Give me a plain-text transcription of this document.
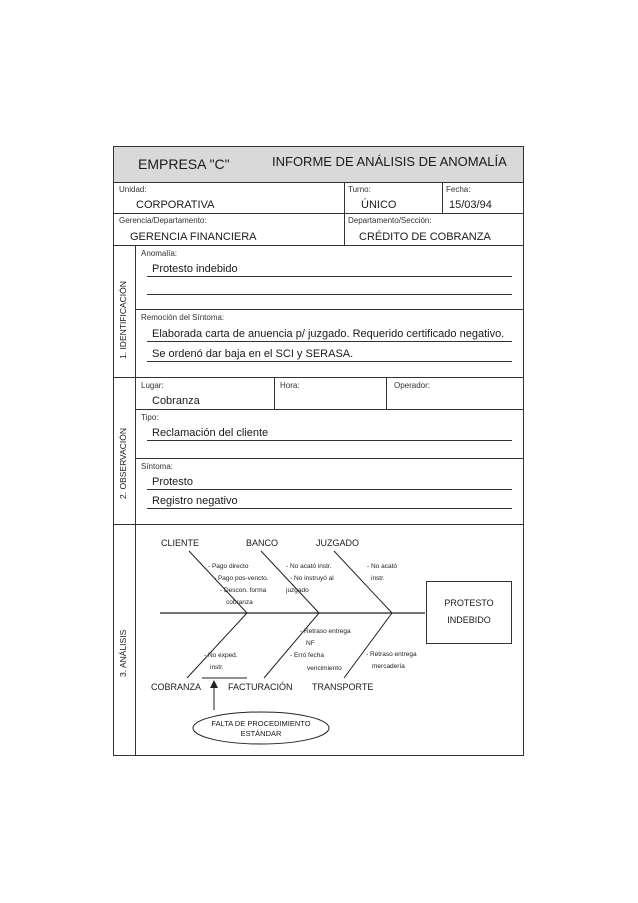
EMPRESA "C"	INFORME DE ANÁLISIS DE ANOMALÍA
Unidad:
CORPORATIVA
Turno:
ÚNICO
Fecha:
15/03/94
Gerencia/Departamento:
GERENCIA FINANCIERA
Departamento/Sección:
CRÉDITO DE COBRANZA
1. IDENTIFICACIÓN
Anomalía:
Protesto indebido
Remoción del Síntoma:
Elaborada carta de anuencia p/ juzgado. Requerido certificado negativo.
Se ordenó dar baja en el SCI y SERASA.
2. OBSERVACIÓN
Lugar:
Cobranza
Hora:	Operador:
Tipo:
Reclamación del cliente
Síntoma:
Protesto
Registro negativo
3. ANÁLISIS
PROTESTO
INDEBIDO
CLIENTE	BANCO	JUZGADO
COBRANZA	FACTURACIÓN TRANSPORTE
- Pago directo
- Pago pos-vencto.
- Descon. forma
cobranza
- No acató instr.
- No instruyó al
juzgado
- No acató
instr.
- Retraso entrega
NF
- Erró fecha
vencimiento
- No exped.
instr.
- Retraso entrega
mercadería
FALTA DE PROCEDIMIENTO
ESTÁNDAR
